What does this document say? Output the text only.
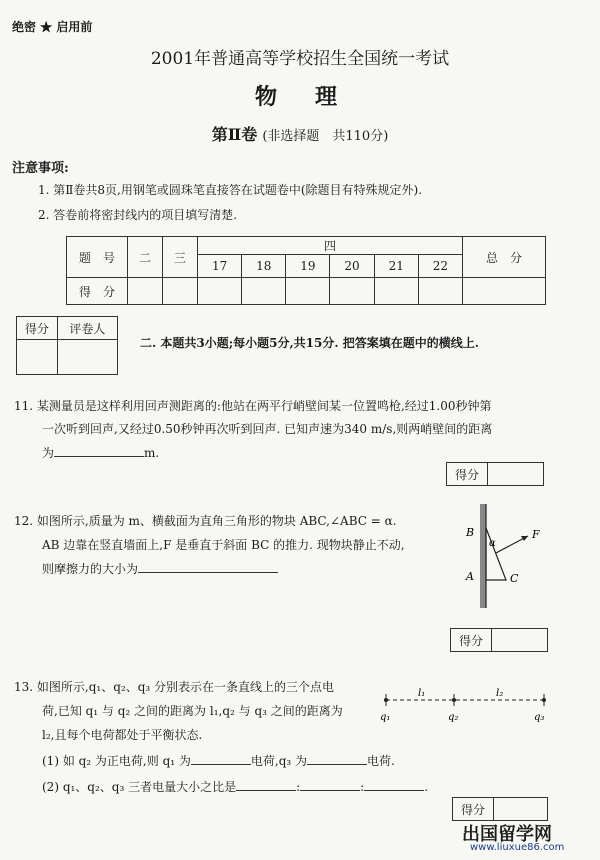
绝密 ★ 启用前
2001年普通高等学校招生全国统一考试
物　理
第Ⅱ卷 (非选择题　共110分)
注意事项:
1. 第Ⅱ卷共8页,用钢笔或圆珠笔直接答在试题卷中(除题目有特殊规定外).
2. 答卷前将密封线内的项目填写清楚.
题　号	二	三	四						总　分
			17	18	19	20	21	22	
得　分									
得分	评卷人

二. 本题共3小题;每小题5分,共15分. 把答案填在题中的横线上.
11. 某测量员是这样利用回声测距离的:他站在两平行峭壁间某一位置鸣枪,经过1.00秒钟第
一次听到回声,又经过0.50秒钟再次听到回声. 已知声速为340 m/s,则两峭壁间的距离
为	m.
得分	
12. 如图所示,质量为 m、横截面为直角三角形的物块 ABC,∠ABC = α.
AB 边靠在竖直墙面上,F 是垂直于斜面 BC 的推力. 现物块静止不动,
则摩擦力的大小为
B
α
F
A	C
得分	
13. 如图所示,q₁、q₂、q₃ 分别表示在一条直线上的三个点电
荷,已知 q₁ 与 q₂ 之间的距离为 l₁,q₂ 与 q₃ 之间的距离为
l₂,且每个电荷都处于平衡状态.
(1) 如 q₂ 为正电荷,则 q₁ 为	电荷,q₃ 为	电荷.
(2) q₁、q₂、q₃ 三者电量大小之比是	:	:	.
l₁	l₂
q₁	q₂	q₃
得分	
出国留学网
www.liuxue86.com
